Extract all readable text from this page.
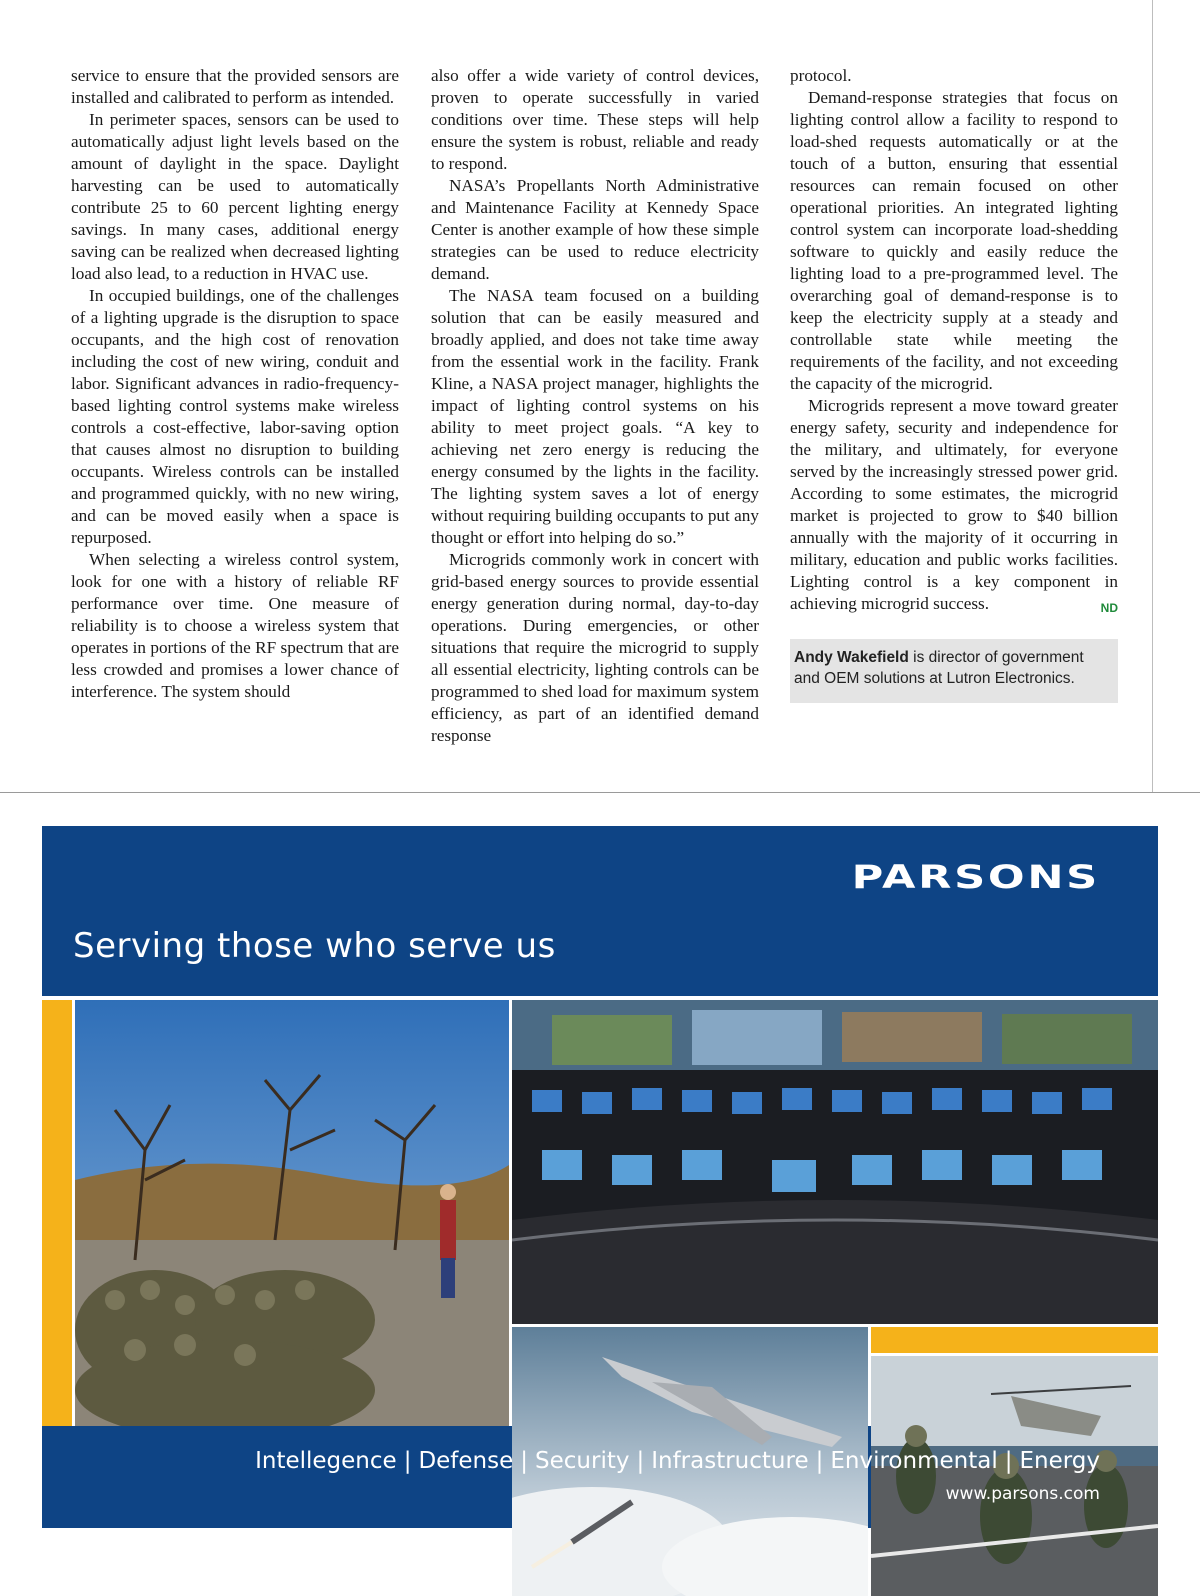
service to ensure that the provided sensors are installed and calibrated to perform as intended.

In perimeter spaces, sensors can be used to automatically adjust light levels based on the amount of daylight in the space. Daylight harvesting can be used to automatically contribute 25 to 60 percent lighting energy savings. In many cases, additional energy saving can be realized when decreased lighting load also lead, to a reduction in HVAC use.

In occupied buildings, one of the challenges of a lighting upgrade is the disruption to space occupants, and the high cost of renovation including the cost of new wiring, conduit and labor. Significant advances in radio-frequency-based lighting control systems make wireless controls a cost-effective, labor-saving option that causes almost no disruption to building occupants. Wireless controls can be installed and programmed quickly, with no new wiring, and can be moved easily when a space is repurposed.

When selecting a wireless control system, look for one with a history of reliable RF performance over time. One measure of reliability is to choose a wireless system that operates in portions of the RF spectrum that are less crowded and promises a lower chance of interference. The system should

also offer a wide variety of control devices, proven to operate successfully in varied conditions over time. These steps will help ensure the system is robust, reliable and ready to respond.

NASA’s Propellants North Administrative and Maintenance Facility at Kennedy Space Center is another example of how these simple strategies can be used to reduce electricity demand.

The NASA team focused on a building solution that can be easily measured and broadly applied, and does not take time away from the essential work in the facility. Frank Kline, a NASA project manager, highlights the impact of lighting control systems on his ability to meet project goals. “A key to achieving net zero energy is reducing the energy consumed by the lights in the facility. The lighting system saves a lot of energy without requiring building occupants to put any thought or effort into helping do so.”

Microgrids commonly work in concert with grid-based energy sources to provide essential energy generation during normal, day-to-day operations. During emergencies, or other situations that require the microgrid to supply all essential electricity, lighting controls can be programmed to shed load for maximum system efficiency, as part of an identified demand response

protocol.

Demand-response strategies that focus on lighting control allow a facility to respond to load-shed requests automatically or at the touch of a button, ensuring that essential resources can remain focused on other operational priorities. An integrated lighting control system can incorporate load-shedding software to quickly and easily reduce the lighting load to a pre-programmed level. The overarching goal of demand-response is to keep the electricity supply at a steady and controllable state while meeting the requirements of the facility, and not exceeding the capacity of the microgrid.

Microgrids represent a move toward greater energy safety, security and independence for the military, and ultimately, for everyone served by the increasingly stressed power grid. According to some estimates, the microgrid market is projected to grow to $40 billion annually with the majority of it occurring in military, education and public works facilities. Lighting control is a key component in achieving microgrid success.	ND
Andy Wakefield is director of government and OEM solutions at Lutron Electronics.
PARSONS
Serving those who serve us
Intellegence | Defense | Security | Infrastructure | Environmental | Energy
www.parsons.com
